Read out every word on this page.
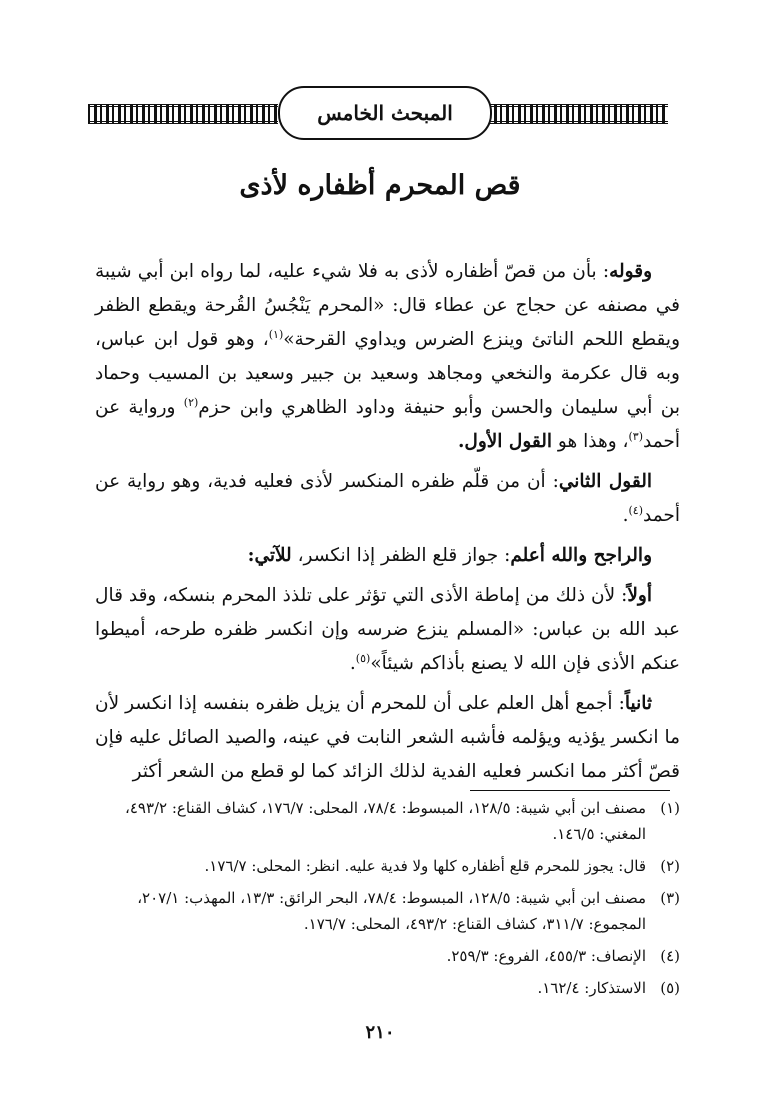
المبحث الخامس
قص المحرم أظفاره لأذى

وقوله: بأن من قصّ أظفاره لأذى به فلا شيء عليه، لما رواه ابن أبي شيبة في مصنفه عن حجاج عن عطاء قال: «المحرم يَنْجُسُ القُرحة ويقطع الظفر ويقطع اللحم الناتئ وينزع الضرس ويداوي القرحة»$^{(١)}$، وهو قول ابن عباس، وبه قال عكرمة والنخعي ومجاهد وسعيد بن جبير وسعيد بن المسيب وحماد بن أبي سليمان والحسن وأبو حنيفة وداود الظاهري وابن حزم$^{(٢)}$ ورواية عن أحمد$^{(٣)}$، وهذا هو القول الأول.

القول الثاني: أن من قلّم ظفره المنكسر لأذى فعليه فدية، وهو رواية عن أحمد$^{(٤)}$.

والراجح والله أعلم: جواز قلع الظفر إذا انكسر، للآتي:

أولاً: لأن ذلك من إماطة الأذى التي تؤثر على تلذذ المحرم بنسكه، وقد قال عبد الله بن عباس: «المسلم ينزع ضرسه وإن انكسر ظفره طرحه، أميطوا عنكم الأذى فإن الله لا يصنع بأذاكم شيئاً»$^{(٥)}$.

ثانياً: أجمع أهل العلم على أن للمحرم أن يزيل ظفره بنفسه إذا انكسر لأن ما انكسر يؤذيه ويؤلمه فأشبه الشعر النابت في عينه، والصيد الصائل عليه فإن قصّ أكثر مما انكسر فعليه الفدية لذلك الزائد كما لو قطع من الشعر أكثر

(١)
مصنف ابن أبي شيبة: ١٢٨/٥، المبسوط: ٧٨/٤، المحلى: ١٧٦/٧، كشاف القناع: ٤٩٣/٢، المغني: ١٤٦/٥.
(٢)
قال: يجوز للمحرم قلع أظفاره كلها ولا فدية عليه. انظر: المحلى: ١٧٦/٧.
(٣)
مصنف ابن أبي شيبة: ١٢٨/٥، المبسوط: ٧٨/٤، البحر الرائق: ١٣/٣، المهذب: ٢٠٧/١، المجموع: ٣١١/٧، كشاف القناع: ٤٩٣/٢، المحلى: ١٧٦/٧.
(٤)
الإنصاف: ٤٥٥/٣، الفروع: ٢٥٩/٣.
(٥)
الاستذكار: ١٦٢/٤.
٢١٠
